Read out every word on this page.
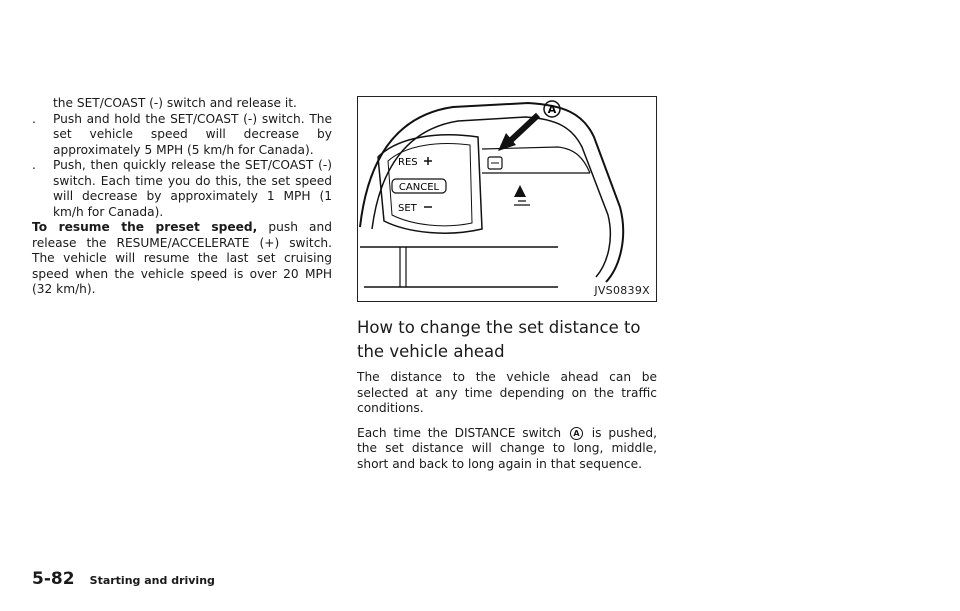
the SET/COAST (-) switch and release it.

. Push and hold the SET/COAST (-) switch. The set vehicle speed will decrease by approximately 5 MPH (5 km/h for Canada).

. Push, then quickly release the SET/COAST (-) switch. Each time you do this, the set speed will decrease by approximately 1 MPH (1 km/h for Canada).

To resume the preset speed, push and release the RESUME/ACCELERATE (+) switch. The vehicle will resume the last set cruising speed when the vehicle speed is over 20 MPH (32 km/h).

A
RES
CANCEL
SET
JVS0839X
How to change the set distance to
the vehicle ahead

The distance to the vehicle ahead can be selected at any time depending on the traffic conditions.

Each time the DISTANCE switch A is pushed, the set distance will change to long, middle, short and back to long again in that sequence.

5-82 Starting and driving
